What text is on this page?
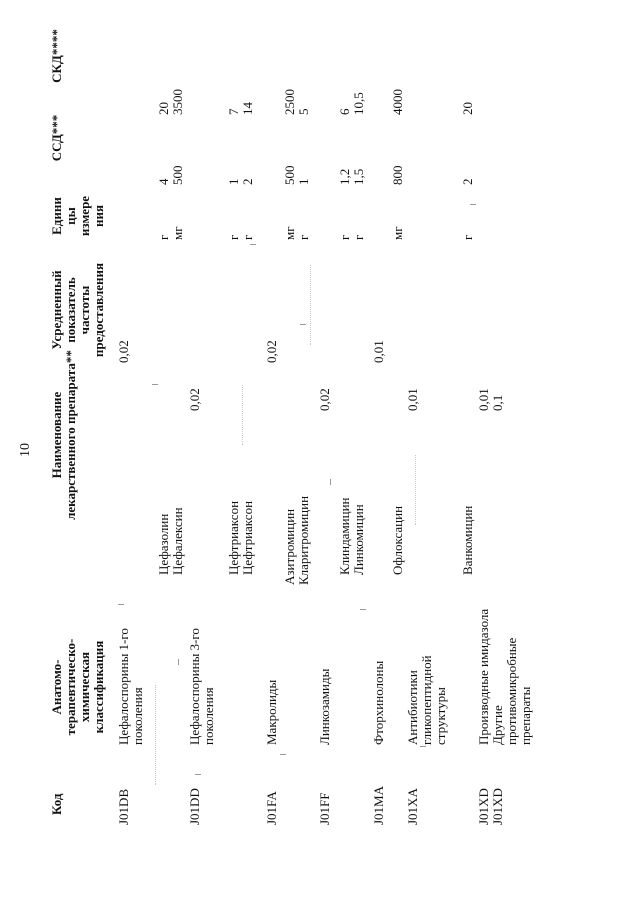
10
Код
Анатомо- терапевтическо- химическая классификация
Наименование лекарственного препарата**
Усредненный показатель частоты предоставления
Едини цы измере ния
ССД***
СКД****
J01DB
Цефалоспорины 1-го поколения
0,02
Цефазолин
г
4
20
Цефалексин
мг
500
3500
J01DD
Цефалоспорины 3-го поколения
0,02
Цефтриаксон
г
1
7
Цефтриаксон
г
2
14
J01FA
Макролиды
0,02
Азитромицин
мг
500
2500
Кларитромицин
г
1
5
J01FF
Линкозамиды
0,02
Клиндамицин
г
1,2
6
Линкомицин
г
1,5
10,5
J01MA
Фторхинолоны
0,01
Офлоксацин
мг
800
4000
J01XA
Антибиотики гликопептидной структуры
0,01
Ванкомицин
г
2
20
J01XD
Производные имидазола
0,01
J01XD
Другие противомикробные препараты
0,1
